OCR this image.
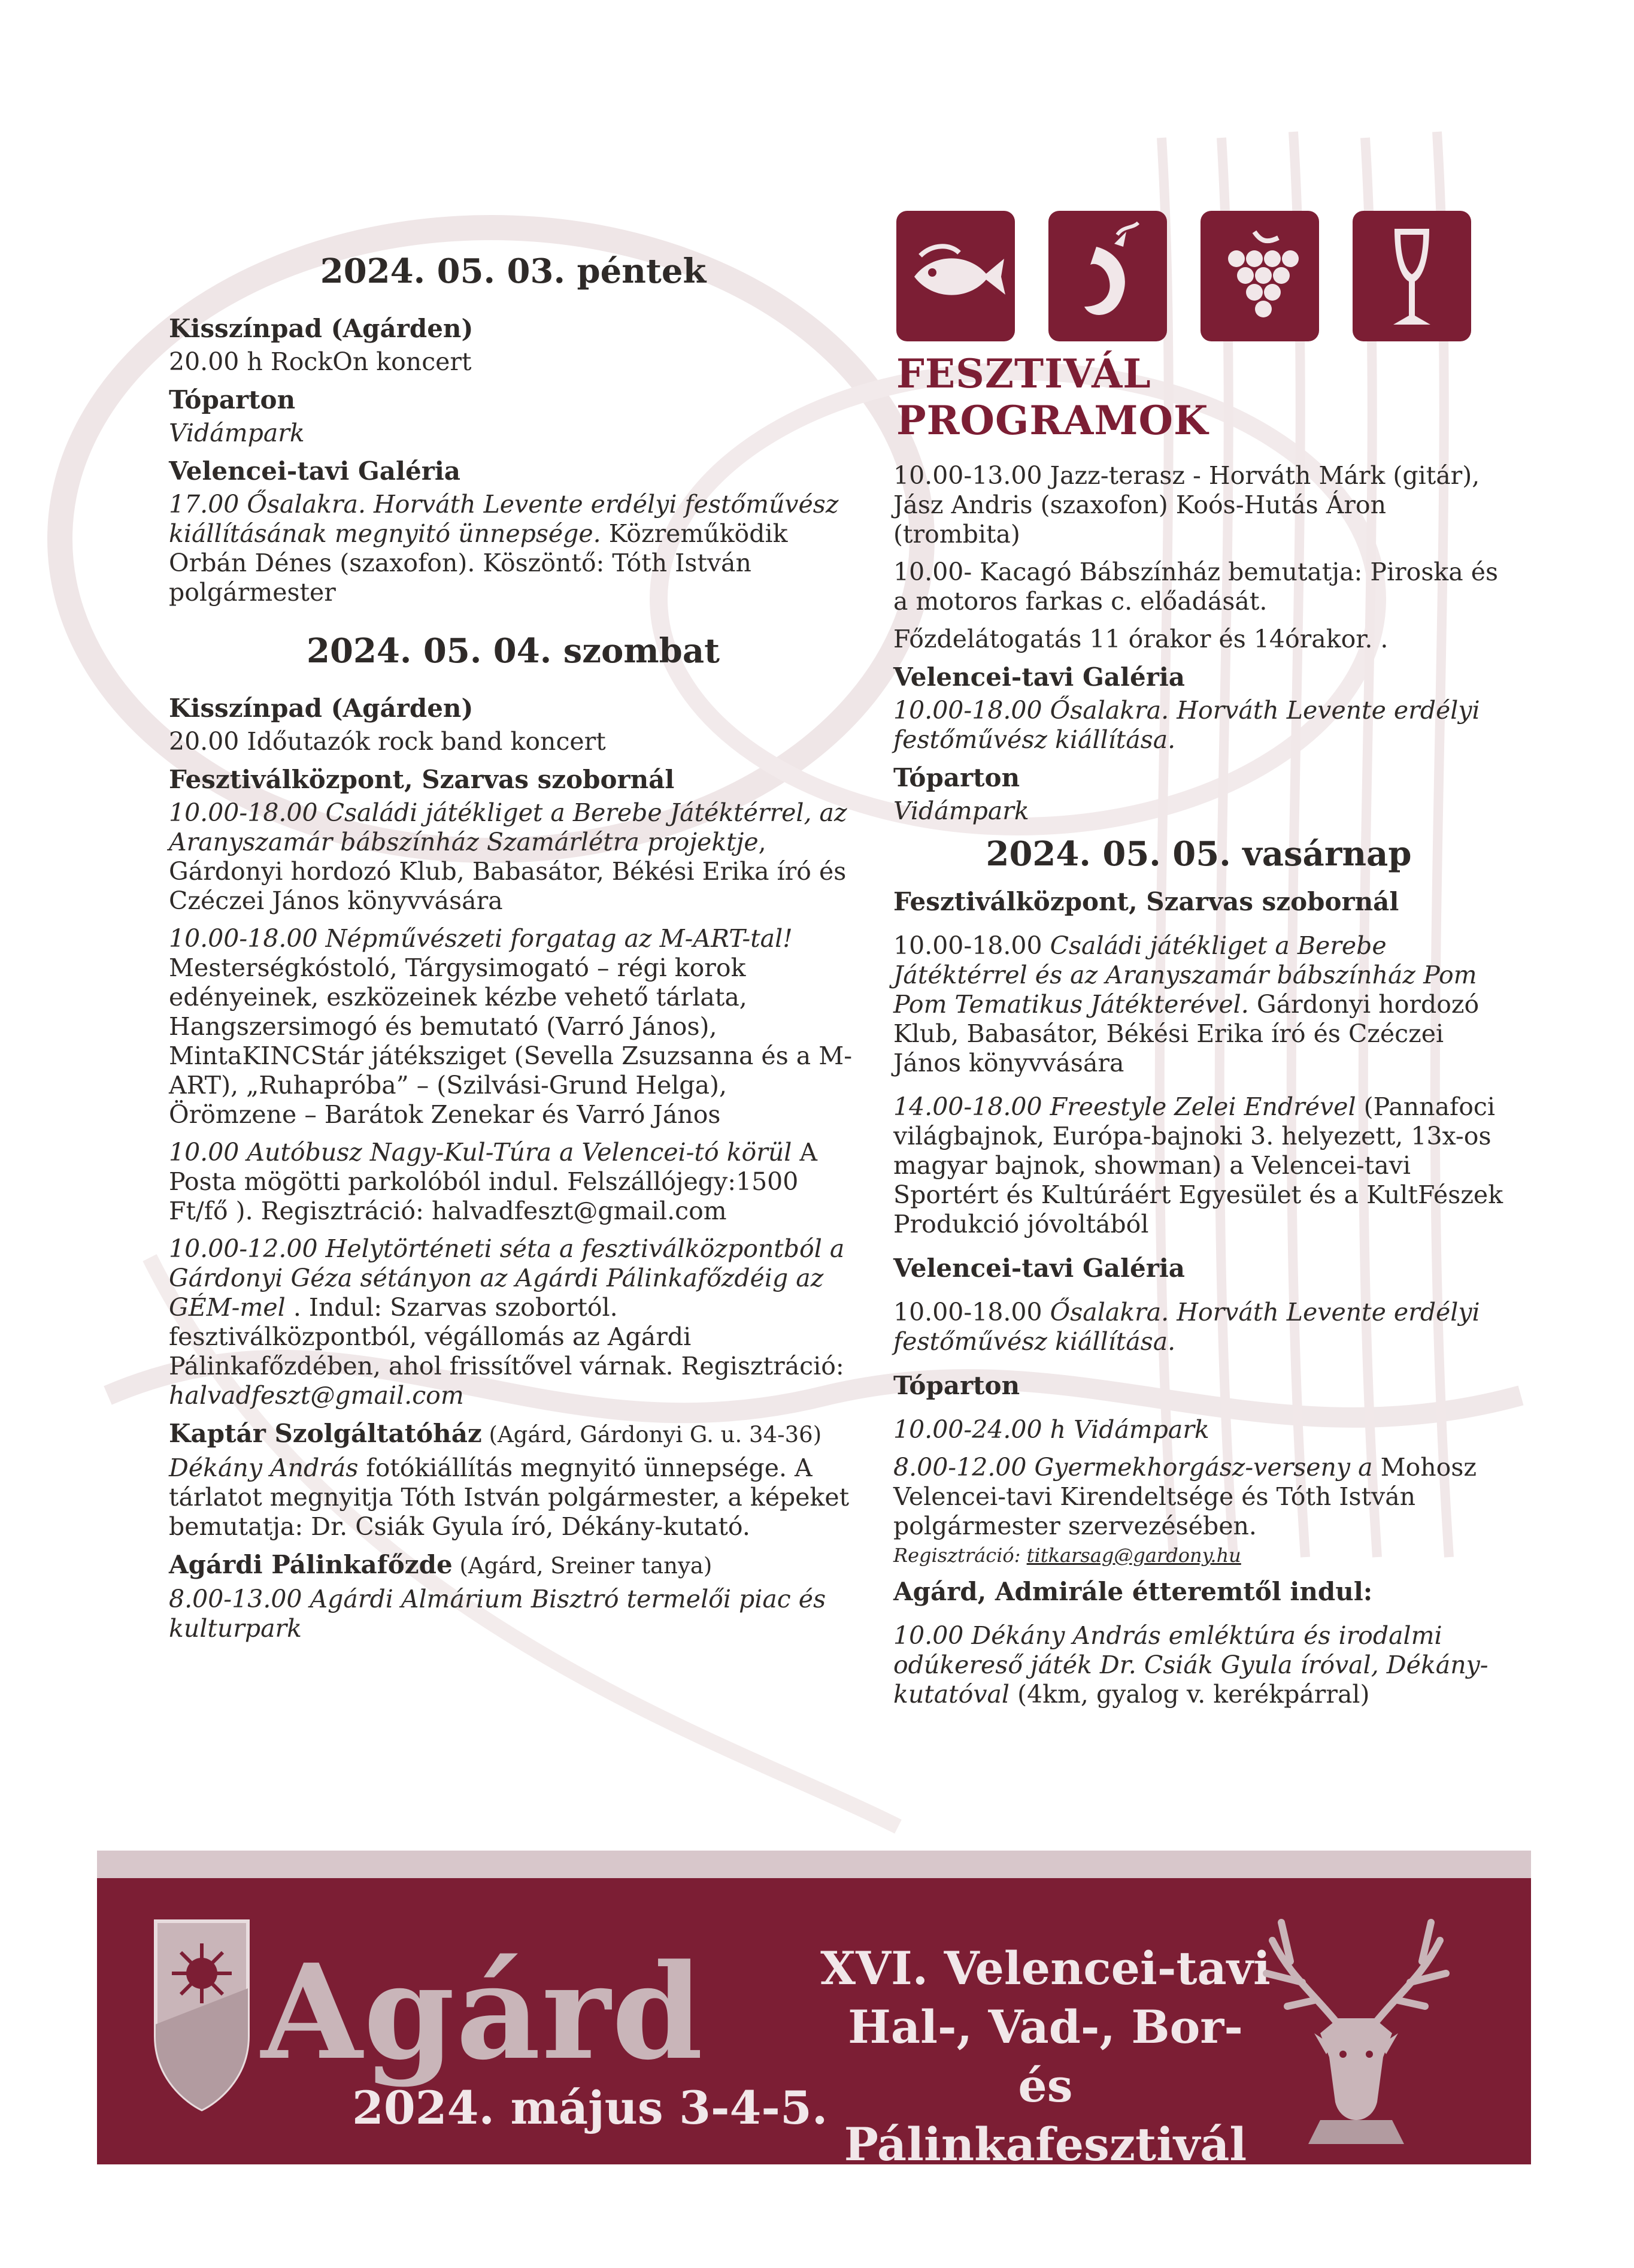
FESZTIVÁL PROGRAMOK
2024. 05. 03. péntek
Kisszínpad (Agárden)
20.00 h RockOn koncert
Tóparton
Vidámpark
Velencei-tavi Galéria
17.00 Ősalakra. Horváth Levente erdélyi festőművész kiállításának megnyitó ünnepsége. Közreműködik Orbán Dénes (szaxofon). Köszöntő: Tóth István polgármester
2024. 05. 04. szombat
Kisszínpad (Agárden)
20.00 Időutazók rock band koncert
Fesztiválközpont, Szarvas szobornál
10.00-18.00 Családi játékliget a Berebe Játéktérrel, az Aranyszamár bábszínház Szamárlétra projektje, Gárdonyi hordozó Klub, Babasátor, Békési Erika író és Czéczei János könyvvására
10.00-18.00 Népművészeti forgatag az M-ART-tal! Mesterségkóstoló, Tárgysimogató – régi korok edényeinek, eszközeinek kézbe vehető tárlata, Hangszersimogó és bemutató (Varró János), MintaKINCStár játéksziget (Sevella Zsuzsanna és a M-ART), „Ruhapróba” – (Szilvási-Grund Helga), Örömzene – Barátok Zenekar és Varró János
10.00 Autóbusz Nagy-Kul-Túra a Velencei-tó körül A Posta mögötti parkolóból indul. Felszállójegy:1500 Ft/fő ). Regisztráció: halvadfeszt@gmail.com
10.00-12.00 Helytörténeti séta a fesztiválközpontból a Gárdonyi Géza sétányon az Agárdi Pálinkafőzdéig az GÉM-mel . Indul: Szarvas szobortól. fesztiválközpontból, végállomás az Agárdi Pálinkafőzdében, ahol frissítővel várnak. Regisztráció: halvadfeszt@gmail.com
Kaptár Szolgáltatóház (Agárd, Gárdonyi G. u. 34-36)
Dékány András fotókiállítás megnyitó ünnepsége. A tárlatot megnyitja Tóth István polgármester, a képeket bemutatja: Dr. Csiák Gyula író, Dékány-kutató.
Agárdi Pálinkafőzde (Agárd, Sreiner tanya)
8.00-13.00 Agárdi Almárium Bisztró termelői piac és kulturpark
10.00-13.00 Jazz-terasz - Horváth Márk (gitár), Jász Andris (szaxofon) Koós-Hutás Áron (trombita)
10.00- Kacagó Bábszínház bemutatja: Piroska és a motoros farkas c. előadását.
Főzdelátogatás 11 órakor és 14órakor. .
Velencei-tavi Galéria
10.00-18.00 Ősalakra. Horváth Levente erdélyi festőművész kiállítása.
Tóparton
Vidámpark
2024. 05. 05. vasárnap
Fesztiválközpont, Szarvas szobornál
10.00-18.00 Családi játékliget a Berebe Játéktérrel és az Aranyszamár bábszínház Pom Pom Tematikus Játékterével. Gárdonyi hordozó Klub, Babasátor, Békési Erika író és Czéczei János könyvvására
14.00-18.00 Freestyle Zelei Endrével (Pannafoci világbajnok, Európa-bajnoki 3. helyezett, 13x-os magyar bajnok, showman) a Velencei-tavi Sportért és Kultúráért Egyesület és a KultFészek Produkció jóvoltából
Velencei-tavi Galéria
10.00-18.00 Ősalakra. Horváth Levente erdélyi festőművész kiállítása.
Tóparton
10.00-24.00 h Vidámpark
8.00-12.00 Gyermekhorgász-verseny a Mohosz Velencei-tavi Kirendeltsége és Tóth István polgármester szervezésében.
Regisztráció: titkarsag@gardony.hu
Agárd, Admirále étteremtől indul:
10.00 Dékány András emléktúra és irodalmi odúkereső játék Dr. Csiák Gyula íróval, Dékány-kutatóval (4km, gyalog v. kerékpárral)
Agárd
2024. május 3-4-5.
XVI. Velencei-tavi
Hal-, Vad-, Bor- és
Pálinkafesztivál
